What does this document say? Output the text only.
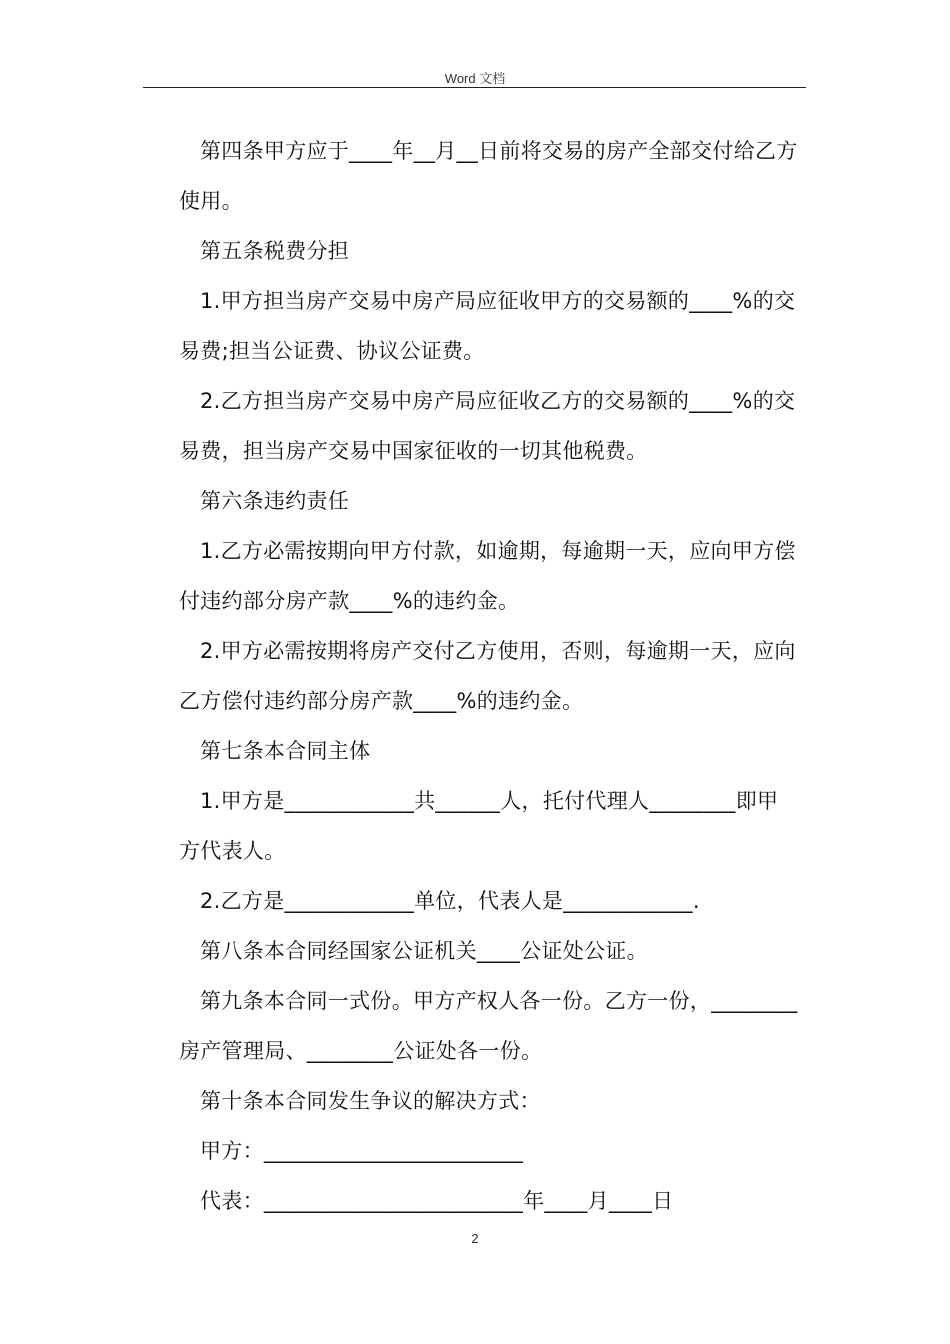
Word 文档

第四条甲方应于____年__月__日前将交易的房产全部交付给乙方使用。

第五条税费分担

1.甲方担当房产交易中房产局应征收甲方的交易额的____%的交易费;担当公证费、协议公证费。

2.乙方担当房产交易中房产局应征收乙方的交易额的____%的交易费，担当房产交易中国家征收的一切其他税费。

第六条违约责任

1.乙方必需按期向甲方付款，如逾期，每逾期一天，应向甲方偿付违约部分房产款____%的违约金。

2.甲方必需按期将房产交付乙方使用，否则，每逾期一天，应向乙方偿付违约部分房产款____%的违约金。

第七条本合同主体

1.甲方是____________共______人，托付代理人________即甲方代表人。

2.乙方是____________单位，代表人是____________.

第八条本合同经国家公证机关____公证处公证。

第九条本合同一式份。甲方产权人各一份。乙方一份，________房产管理局、________公证处各一份。

第十条本合同发生争议的解决方式：

甲方：________________________

代表：________________________年____月____日

2
